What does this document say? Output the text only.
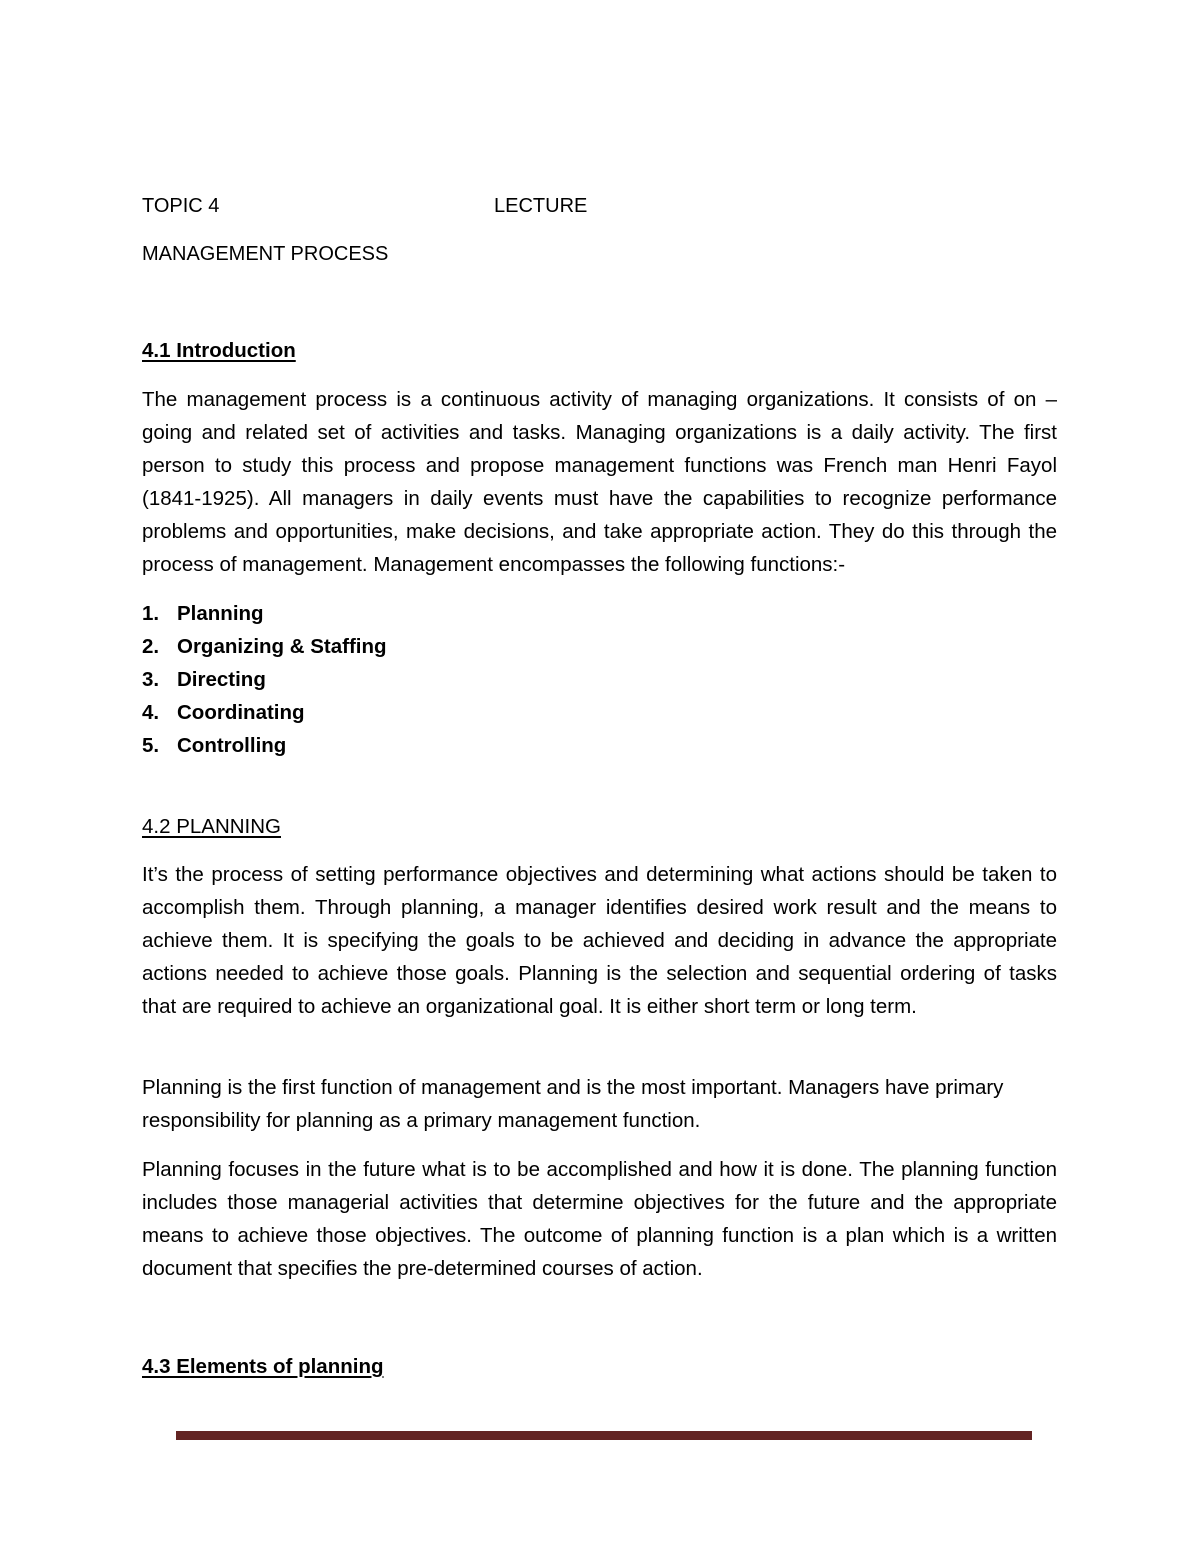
TOPIC 4	LECTURE
MANAGEMENT PROCESS
4.1 Introduction

The management process is a continuous activity of managing organizations. It consists of on – going and related set of activities and tasks. Managing organizations is a daily activity. The first person to study this process and propose management functions was French man Henri Fayol (1841-1925). All managers in daily events must have the capabilities to recognize performance problems and opportunities, make decisions, and take appropriate action. They do this through the process of management. Management encompasses the following functions:-

1. Planning
2. Organizing & Staffing
3. Directing
4. Coordinating
5. Controlling
4.2 PLANNING
It’s the process of setting performance objectives and determining what actions should be taken to accomplish them. Through planning, a manager identifies desired work result and the means to achieve them. It is specifying the goals to be achieved and deciding in advance the appropriate actions needed to achieve those goals. Planning is the selection and sequential ordering of tasks that are required to achieve an organizational goal. It is either short term or long term.
Planning is the first function of management and is the most important. Managers have primary responsibility for planning as a primary management function.
Planning focuses in the future what is to be accomplished and how it is done. The planning function includes those managerial activities that determine objectives for the future and the appropriate means to achieve those objectives. The outcome of planning function is a plan which is a written document that specifies the pre-determined courses of action.
4.3 Elements of planning
